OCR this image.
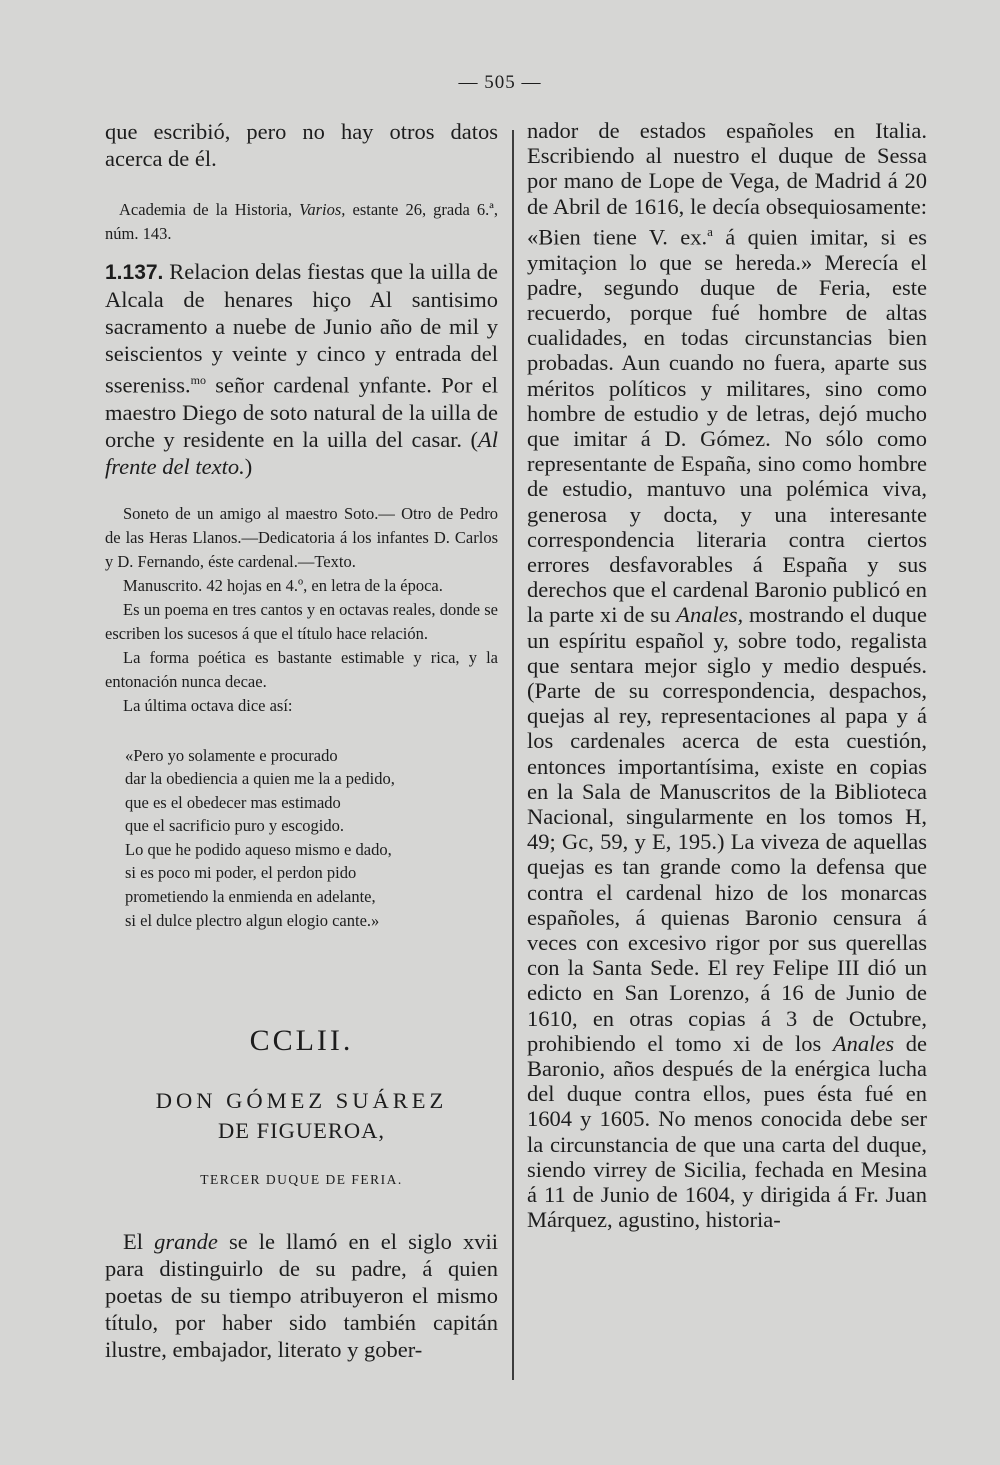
— 505 —

que escribió, pero no hay otros datos acerca de él.

Academia de la Historia, Varios, estante 26, grada 6.ª, núm. 143.

1.137. Relacion delas fiestas que la uilla de Alcala de henares hiço Al santisimo sacramento a nuebe de Junio año de mil y seiscientos y veinte y cinco y entrada del ssereniss.$^{mo}$ señor cardenal ynfante. Por el maestro Diego de soto natural de la uilla de orche y residente en la uilla del casar. (Al frente del texto.)

Soneto de un amigo al maestro Soto.— Otro de Pedro de las Heras Llanos.—Dedicatoria á los infantes D. Carlos y D. Fernando, éste cardenal.—Texto.

Manuscrito. 42 hojas en 4.º, en letra de la época.

Es un poema en tres cantos y en octavas reales, donde se escriben los sucesos á que el título hace relación.

La forma poética es bastante estimable y rica, y la entonación nunca decae.

La última octava dice así:

«Pero yo solamente e procurado
dar la obediencia a quien me la a pedido,
que es el obedecer mas estimado
que el sacrificio puro y escogido.
Lo que he podido aqueso mismo e dado,
si es poco mi poder, el perdon pido
prometiendo la enmienda en adelante,
si el dulce plectro algun elogio cante.»
CCLII.
DON GÓMEZ SUÁREZ
DE FIGUEROA,
TERCER DUQUE DE FERIA.

El grande se le llamó en el siglo xvii para distinguirlo de su padre, á quien poetas de su tiempo atribuyeron el mismo título, por haber sido también capitán ilustre, embajador, literato y gober-

nador de estados españoles en Italia. Escribiendo al nuestro el duque de Sessa por mano de Lope de Vega, de Madrid á 20 de Abril de 1616, le decía obsequiosamente: «Bien tiene V. ex.$^a$ á quien imitar, si es ymitaçion lo que se hereda.» Merecía el padre, segundo duque de Feria, este recuerdo, porque fué hombre de altas cualidades, en todas circunstancias bien probadas. Aun cuando no fuera, aparte sus méritos políticos y militares, sino como hombre de estudio y de letras, dejó mucho que imitar á D. Gómez. No sólo como representante de España, sino como hombre de estudio, mantuvo una polémica viva, generosa y docta, y una interesante correspondencia literaria contra ciertos errores desfavorables á España y sus derechos que el cardenal Baronio publicó en la parte xi de su Anales, mostrando el duque un espíritu español y, sobre todo, regalista que sentara mejor siglo y medio después. (Parte de su correspondencia, despachos, quejas al rey, representaciones al papa y á los cardenales acerca de esta cuestión, entonces importantísima, existe en copias en la Sala de Manuscritos de la Biblioteca Nacional, singularmente en los tomos H, 49; Gc, 59, y E, 195.) La viveza de aquellas quejas es tan grande como la defensa que contra el cardenal hizo de los monarcas españoles, á quienas Baronio censura á veces con excesivo rigor por sus querellas con la Santa Sede. El rey Felipe III dió un edicto en San Lorenzo, á 16 de Junio de 1610, en otras copias á 3 de Octubre, prohibiendo el tomo xi de los Anales de Baronio, años después de la enérgica lucha del duque contra ellos, pues ésta fué en 1604 y 1605. No menos conocida debe ser la circunstancia de que una carta del duque, siendo virrey de Sicilia, fechada en Mesina á 11 de Junio de 1604, y dirigida á Fr. Juan Márquez, agustino, historia-
